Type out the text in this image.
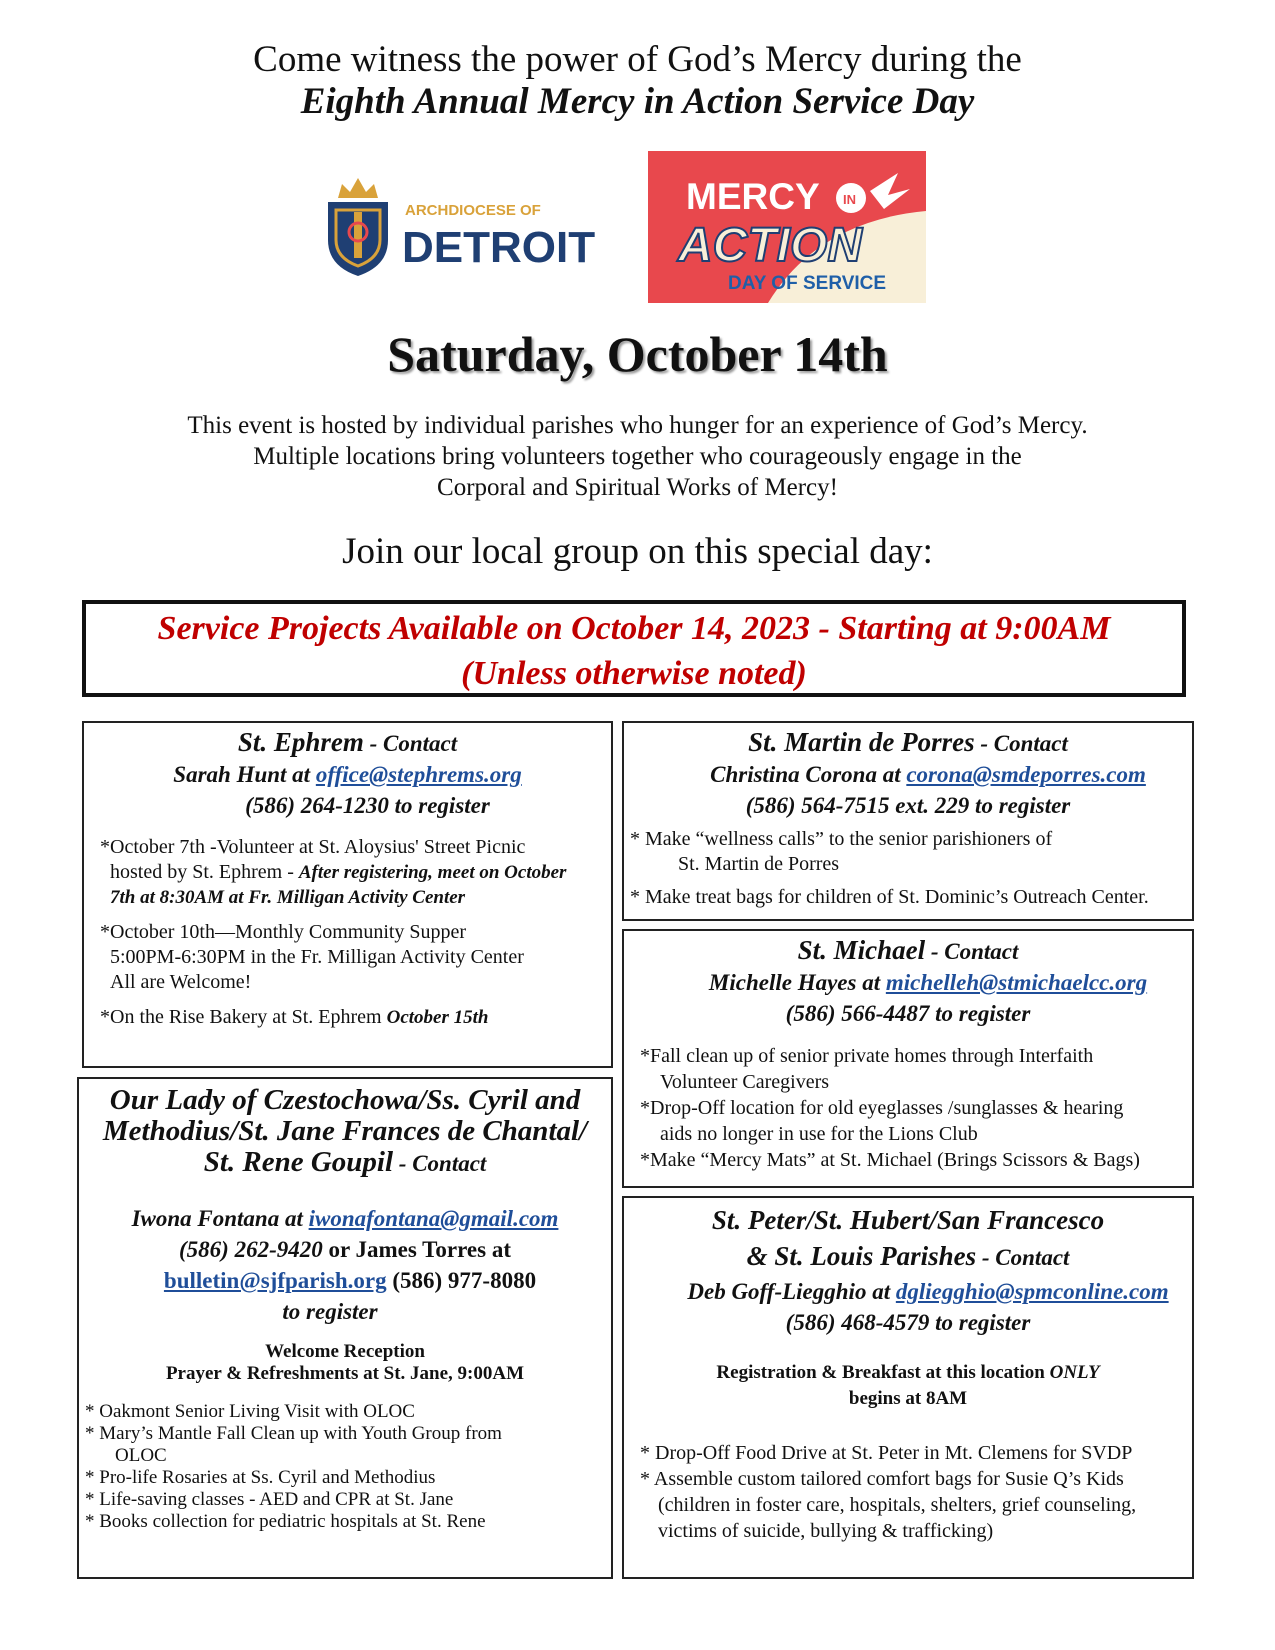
Come witness the power of God’s Mercy during the
Eighth Annual Mercy in Action Service Day
ARCHDIOCESE OF
DETROIT
MERCY IN
ACTION
DAY OF SERVICE
Saturday, October 14th
This event is hosted by individual parishes who hunger for an experience of God’s Mercy.
Multiple locations bring volunteers together who courageously engage in the
Corporal and Spiritual Works of Mercy!
Join our local group on this special day:
Service Projects Available on October 14, 2023 - Starting at 9:00AM
(Unless otherwise noted)
St. Ephrem - Contact
Sarah Hunt at office@stephrems.org
(586) 264-1230 to register
*October 7th -Volunteer at St. Aloysius' Street Picnic
hosted by St. Ephrem - After registering, meet on October
7th at 8:30AM at Fr. Milligan Activity Center
*October 10th—Monthly Community Supper
5:00PM-6:30PM in the Fr. Milligan Activity Center
All are Welcome!
*On the Rise Bakery at St. Ephrem October 15th
Our Lady of Czestochowa/Ss. Cyril and
Methodius/St. Jane Frances de Chantal/
St. Rene Goupil - Contact
Iwona Fontana at iwonafontana@gmail.com
(586) 262-9420 or James Torres at
bulletin@sjfparish.org (586) 977-8080
to register
Welcome Reception
Prayer & Refreshments at St. Jane, 9:00AM
* Oakmont Senior Living Visit with OLOC
* Mary’s Mantle Fall Clean up with Youth Group from
OLOC
* Pro-life Rosaries at Ss. Cyril and Methodius
* Life-saving classes - AED and CPR at St. Jane
* Books collection for pediatric hospitals at St. Rene
St. Martin de Porres - Contact
Christina Corona at corona@smdeporres.com
(586) 564-7515 ext. 229 to register
* Make “wellness calls” to the senior parishioners of
St. Martin de Porres
* Make treat bags for children of St. Dominic’s Outreach Center.
St. Michael - Contact
Michelle Hayes at michelleh@stmichaelcc.org
(586) 566-4487 to register
*Fall clean up of senior private homes through Interfaith
Volunteer Caregivers
*Drop-Off location for old eyeglasses /sunglasses & hearing
aids no longer in use for the Lions Club
*Make “Mercy Mats” at St. Michael (Brings Scissors & Bags)
St. Peter/St. Hubert/San Francesco
& St. Louis Parishes - Contact
Deb Goff-Liegghio at dgliegghio@spmconline.com
(586) 468-4579 to register
Registration & Breakfast at this location ONLY
begins at 8AM
* Drop-Off Food Drive at St. Peter in Mt. Clemens for SVDP
* Assemble custom tailored comfort bags for Susie Q’s Kids
(children in foster care, hospitals, shelters, grief counseling,
victims of suicide, bullying & trafficking)
